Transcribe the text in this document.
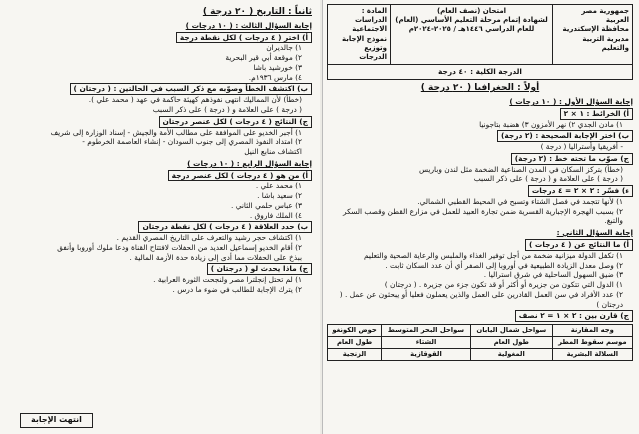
جمهورية مصر العربية

محافظة الإسكندرية

مديرية التربية والتعليم

امتحان (نصف العام)

لشهادة إتمام مرحلة التعليم الأساسي (العام)

للعام الدراسي ١٤٤٦هـ / ٢٠٢٥-٢٠٢٤م

المادة : الدراسات الاجتماعية

نموذج الإجابة وتوزيع

الدرجات

الدرجة الكلية : ٤٠ درجة
أولاً : الجغرافيا ( ٢٠ درجة )
إجابة السؤال الأول : ( ١٠ درجات )
أ) الخرائط : ١ × ٢

١) مادن الجدي ٢) نهر الأمزون ٣) هضبة بتاجونيا

ب) اختر الإجابة الصحيحة : (٢ درجة)

- أفريقيا وأستراليا ( درجة )

ج) صوّب ما تحته خط : (٢ درجة)

(خطأ) بتركز السكان في المدن الصناعية الضخمة مثل لندن وباريس

( درجة ) على العلامة و ( درجة ) على ذكر السبب

ء) فسّر : ٢ × ٢ = ٤ درجات

١) لأنها تتجمد في فصل الشتاء وتسبح في المحيط القطبي الشمالي.

٢) بسبب الهجرة الإجبارية القسرية ضمن تجارة العبيد للعمل في مزارع القطن وقصب السكر والتبغ.

إجابة السؤال الثاني :
أ) ما النتائج عن ( ٤ درجات )

١) تكفل الدولة ميزانية ضخمة من أجل توفير الغذاء والملبس والرعاية الصحية والتعليم

٢) وصل معدل الزيادة الطبيعية في أوروبا إلى الصفر أي أن عدد السكان ثابت .

٣) ضيق السهول الساحلية في شرق استراليا .

١) الدول التي تتكون من جزيرة أو أكثر أو قد تكون جزء من جزيرة . ( درجتان )

٢) عدد الأفراد في سن العمل القادرين على العمل والذين يعملون فعليا أو يبحثون عن عمل . ( درجتان )

ج) قارن بين : ٢ × ١ = ٢ نصف
وجه المقارنة	سواحل شمال اليابان	سواحل البحر المتوسط	حوض الكونغو
موسم سقوط المطر	طول العام	الشتاء	طول العام
السلالة البشرية	المغولية	القوقازية	الزنجية
ثانياً : التاريخ ( ٢٠ درجة )
إجابة السؤال الثالث : ( ١٠ درجات )
أ) اختر ( ٤ درجات ) لكل نقطة درجة

١) جالديران

٢) موقعة أبي قير البحرية

٣) خورشيد باشا

٤) مارس ١٩٣٦م.

ب) اكتشف الخطأ وصوّبه مع ذكر السبب في الحالتين : ( درجتان )

(خطأ) لأن المماليك انتهى نفوذهم كهيئة حاكمة في عهد ( محمد علي ).

( درجة ) على العلامة و ( درجة ) على ذكر السبب

ج) النتائج ( ٤ درجات ) لكل عنصر درجتان

١) أجبر الخديو على الموافقة على مطالب الأمة والجيش - إسناد الوزارة إلى شريف

٢) امتداد النفوذ المصري إلى جنوب السودان - إنشاء العاصمة الخرطوم -

اكتشاف منابع النيل

إجابة السؤال الرابع : ( ١٠ درجات )
أ) من هو ( ٤ درجات ) لكل عنصر درجة

١) محمد علي .

٢) سعيد باشا .

٣) عباس حلمي الثاني .

٤) الملك فاروق .

ب) حدد العلاقة ( ٤ درجات ) لكل نقطة درجتان

١) اكتشاف حجر رشيد والتعرف على التاريخ المصري القديم .

٢) أقام الخديو إسماعيل العديد من الحفلات لافتتاح القناة ودعا ملوك أوروبا وأنفق

ببذخ على الحفلات مما أدى إلى زيادة حدة الأزمة المالية .

ج) ماذا يحدث لو ( درجتان )

١) لم تحتل إنجلترا مصر ولنجحت الثورة العرابية .

٢) يترك الإجابة للطالب في ضوء ما درس .

انتهت الإجابة
